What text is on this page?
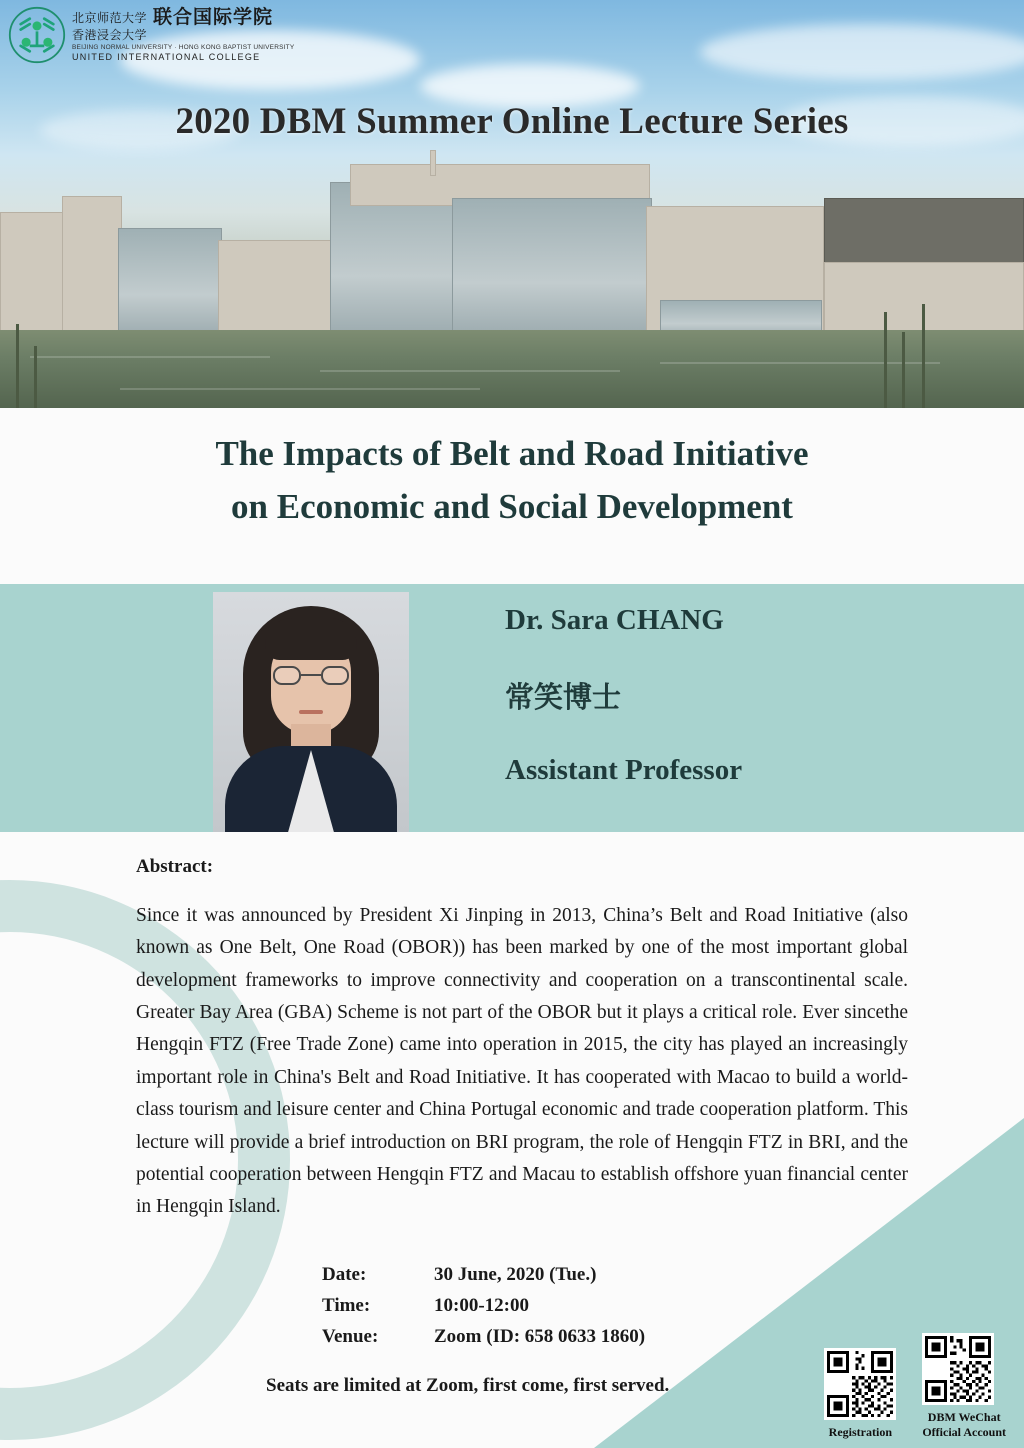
2020 DBM Summer Online Lecture Series
北京师范大学 联合国际学院
香港浸会大学
BEIJING NORMAL UNIVERSITY · HONG KONG BAPTIST UNIVERSITY
UNITED INTERNATIONAL COLLEGE
The Impacts of Belt and Road Initiative
on Economic and Social Development
Dr. Sara CHANG
常笑博士
Assistant Professor
Abstract:
Since it was announced by President Xi Jinping in 2013, China’s Belt and Road Initiative (also known as One Belt, One Road (OBOR)) has been marked by one of the most important global development frameworks to improve connectivity and cooperation on a transcontinental scale. Greater Bay Area (GBA) Scheme is not part of the OBOR but it plays a critical role. Ever sincethe Hengqin FTZ (Free Trade Zone) came into operation in 2015, the city has played an increasingly important role in China's Belt and Road Initiative. It has cooperated with Macao to build a world-class tourism and leisure center and China Portugal economic and trade cooperation platform. This lecture will provide a brief introduction on BRI program, the role of Hengqin FTZ in BRI, and the potential cooperation between Hengqin FTZ and Macau to establish offshore yuan financial center in Hengqin Island.
Date:	30 June, 2020 (Tue.)
Time:	10:00-12:00
Venue:	Zoom (ID: 658 0633 1860)
Seats are limited at Zoom, first come, first served.
Registration
DBM WeChat
Official Account
